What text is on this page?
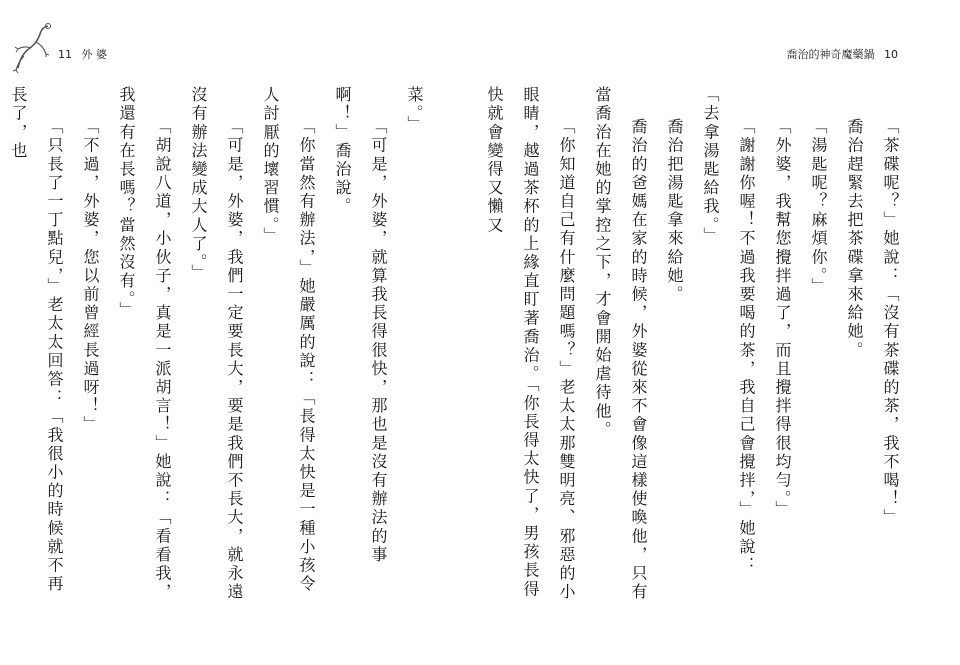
11 外 婆
菜。」
「可是，外婆，就算我長得很快，那也是沒有辦法的事啊！」喬治說。
「你當然有辦法，」她嚴厲的說：「長得太快是一種小孩令人討厭的壞習慣。」
「可是，外婆，我們一定要長大，要是我們不長大，就永遠沒有辦法變成大人了。」
「胡說八道，小伙子，真是一派胡言！」她說：「看看我，我還有在長嗎？當然沒有。」
「不過，外婆，您以前曾經長過呀！」
「只長了一丁點兒，」老太太回答：「我很小的時候就不再長了，也
喬治的神奇魔藥鍋 10
「茶碟呢？」她說：「沒有茶碟的茶，我不喝！」
喬治趕緊去把茶碟拿來給她。
「湯匙呢？麻煩你。」
「外婆，我幫您攪拌過了，而且攪拌得很均勻。」
「謝謝你喔！不過我要喝的茶，我自己會攪拌，」她說：「去拿湯匙給我。」
喬治把湯匙拿來給她。
喬治的爸媽在家的時候，外婆從來不會像這樣使喚他，只有當喬治在她的掌控之下，才會開始虐待他。
「你知道自己有什麼問題嗎？」老太太那雙明亮、邪惡的小眼睛，越過茶杯的上緣直盯著喬治。「你長得太快了，男孩長得快就會變得又懶又
